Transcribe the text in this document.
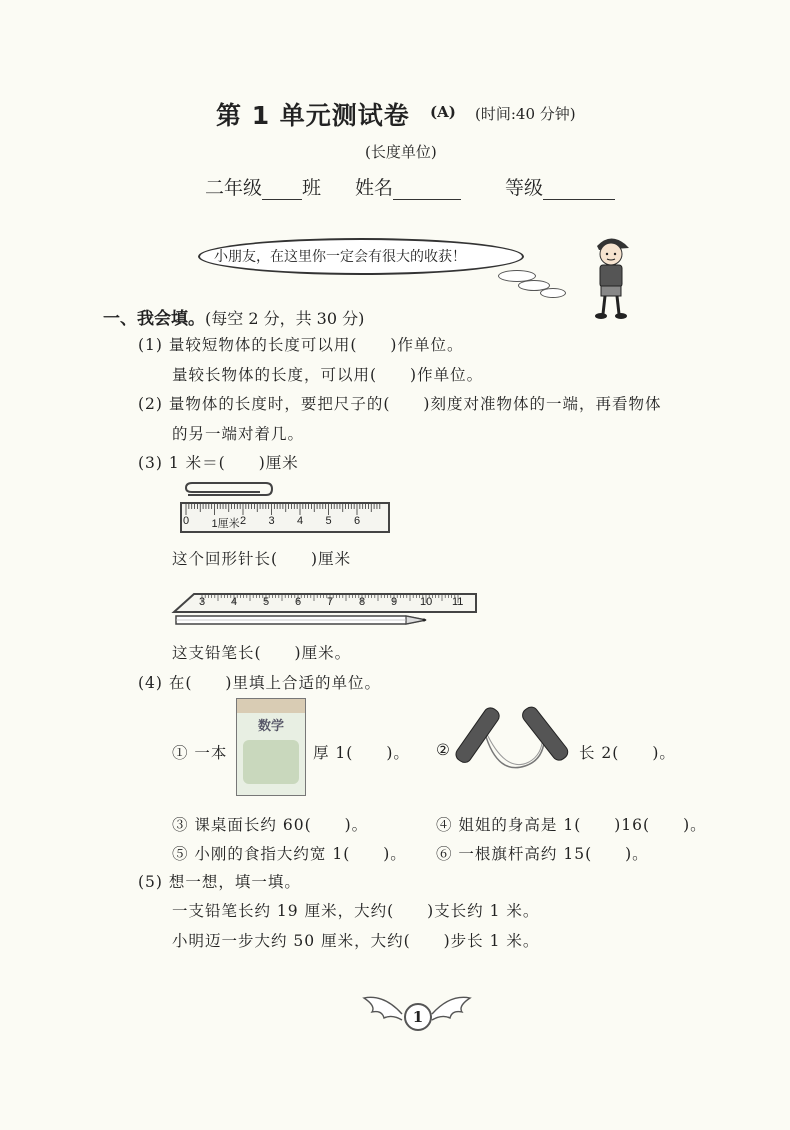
第 1 单元测试卷 (A) (时间:40 分钟)
(长度单位)
二年级 班 姓名	等级
小朋友，在这里你一定会有很大的收获！
一、我会填。(每空 2 分，共 30 分)
(1) 量较短物体的长度可以用(　　)作单位。
量较长物体的长度，可以用(　　)作单位。
(2) 量物体的长度时，要把尺子的(　　)刻度对准物体的一端，再看物体
的另一端对着几。
(3) 1 米＝(　　)厘米
0 1厘米 2 3 4 5 6
这个回形针长(　　)厘米
3 4 5 6 7 8 9 10 11
这支铅笔长(　　)厘米。
(4) 在(　　)里填上合适的单位。
① 一本
数学
厚 1(　　)。 ②	长 2(　　)。
③ 课桌面长约 60(　　)。	④ 姐姐的身高是 1(　　)16(　　)。
⑤ 小刚的食指大约宽 1(　　)。 ⑥ 一根旗杆高约 15(　　)。
(5) 想一想，填一填。
一支铅笔长约 19 厘米，大约(　　)支长约 1 米。
小明迈一步大约 50 厘米，大约(　　)步长 1 米。
1
